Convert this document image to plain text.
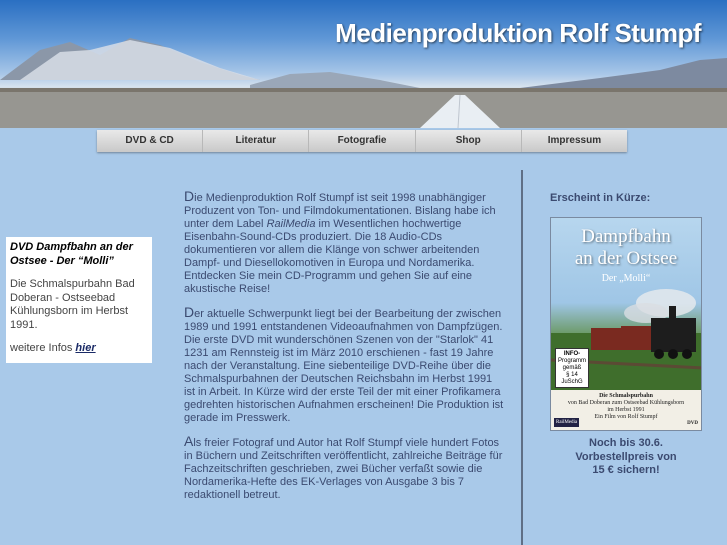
Medienproduktion Rolf Stumpf
DVD & CD	Literatur	Fotografie	Shop	Impressum
DVD Dampfbahn an der Ostsee - Der “Molli”
Die Schmalspurbahn Bad Doberan - Ostseebad Kühlungsborn im Herbst 1991.
weitere Infos hier

Die Medienproduktion Rolf Stumpf ist seit 1998 unabhängiger Produzent von Ton- und Filmdokumentationen. Bislang habe ich unter dem Label RailMedia im Wesentlichen hochwertige Eisenbahn-Sound-CDs produziert. Die 18 Audio-CDs dokumentieren vor allem die Klänge von schwer arbeitenden Dampf- und Diesellokomotiven in Europa und Nordamerika. Entdecken Sie mein CD-Programm und gehen Sie auf eine akustische Reise!

Der aktuelle Schwerpunkt liegt bei der Bearbeitung der zwischen 1989 und 1991 entstandenen Videoaufnahmen von Dampfzügen. Die erste DVD mit wunderschönen Szenen von der "Starlok" 41 1231 am Rennsteig ist im März 2010 erschienen - fast 19 Jahre nach der Veranstaltung. Eine siebenteilige DVD-Reihe über die Schmalspurbahnen der Deutschen Reichsbahn im Herbst 1991 ist in Arbeit. In Kürze wird der erste Teil der mit einer Profikamera gedrehten historischen Aufnahmen erscheinen! Die Produktion ist gerade im Presswerk.

Als freier Fotograf und Autor hat Rolf Stumpf viele hundert Fotos in Büchern und Zeitschriften veröffentlicht, zahlreiche Beiträge für Fachzeitschriften geschrieben, zwei Bücher verfaßt sowie die Nordamerika-Hefte des EK-Verlages von Ausgabe 3 bis 7 redaktionell betreut.

Erscheint in Kürze:
Dampfbahn
an der Ostsee
Der „Molli“
INFO-
Programm
gemäß
§ 14
JuSchG
Die Schmalspurbahn
von Bad Doberan zum Ostseebad Kühlungsborn
im Herbst 1991
Ein Film von Rolf Stumpf
RailMedia	DVD
Noch bis 30.6.
Vorbestellpreis von
15 € sichern!
